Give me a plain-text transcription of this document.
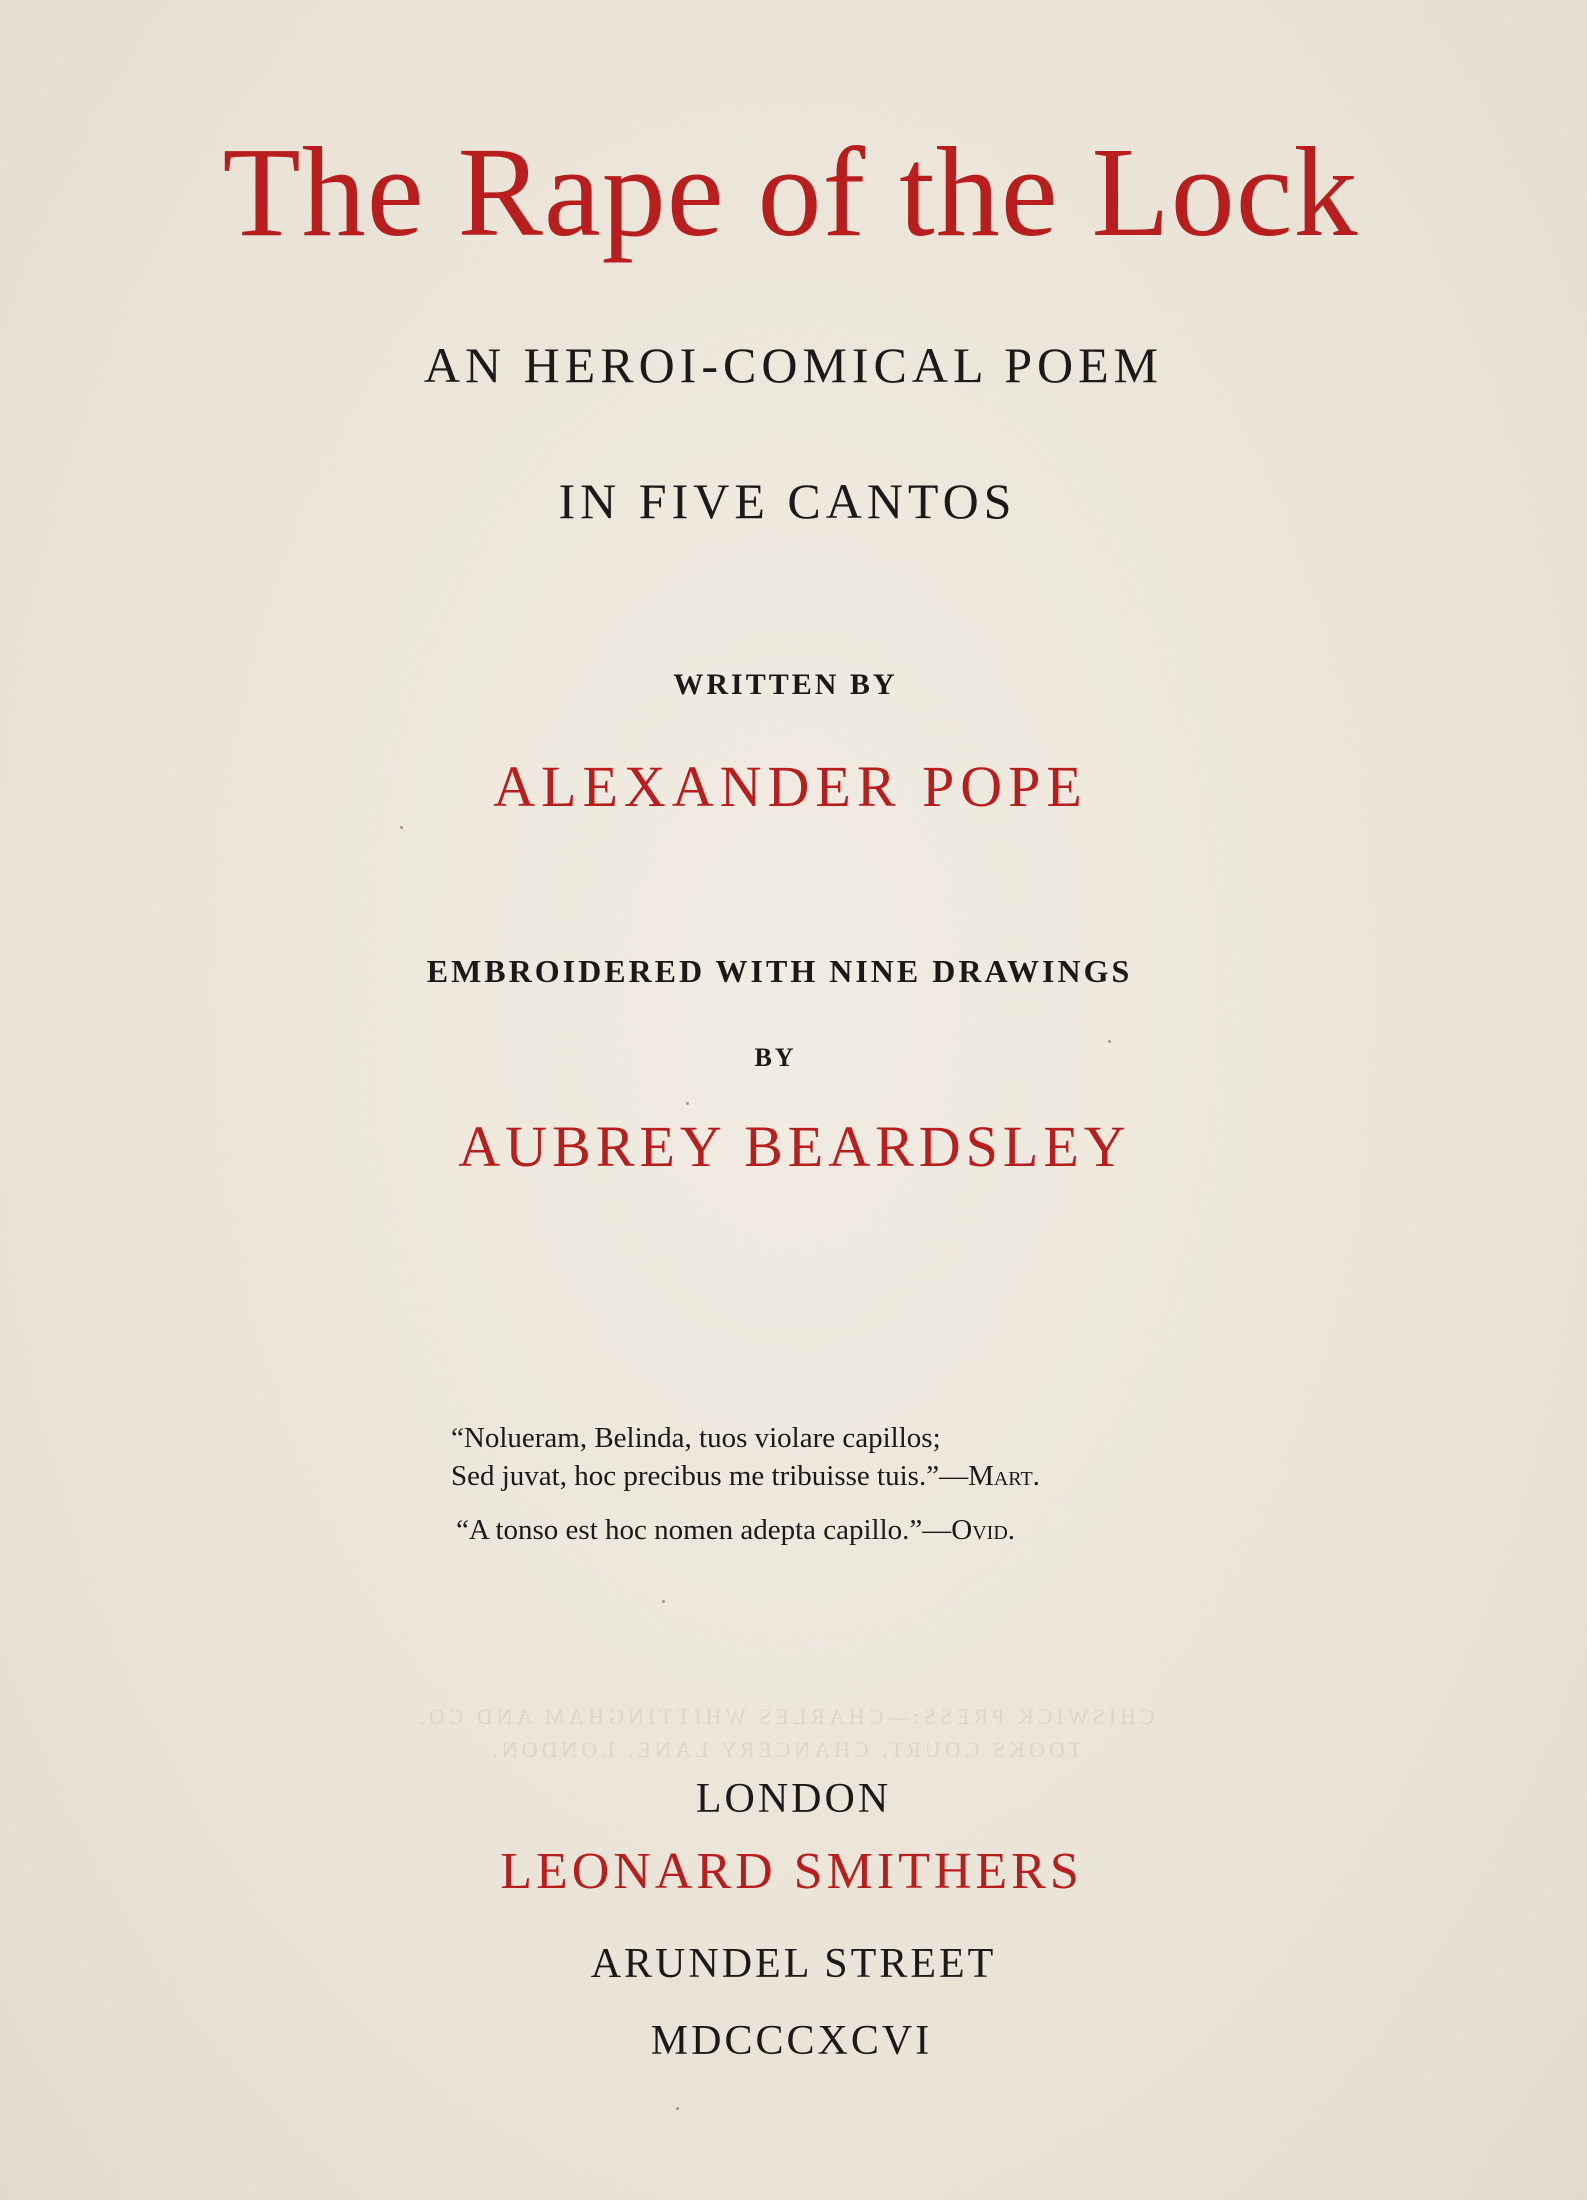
The Rape of the Lock
AN HEROI-COMICAL POEM
IN FIVE CANTOS
WRITTEN BY
ALEXANDER POPE
EMBROIDERED WITH NINE DRAWINGS
BY
AUBREY BEARDSLEY
“Nolueram, Belinda, tuos violare capillos;
Sed juvat, hoc precibus me tribuisse tuis.”—Mart.
“A tonso est hoc nomen adepta capillo.”—Ovid.
CHISWICK PRESS:—CHARLES WHITTINGHAM AND CO.
TOOKS COURT, CHANCERY LANE, LONDON.
LONDON
LEONARD SMITHERS
ARUNDEL STREET
MDCCCXCVI
